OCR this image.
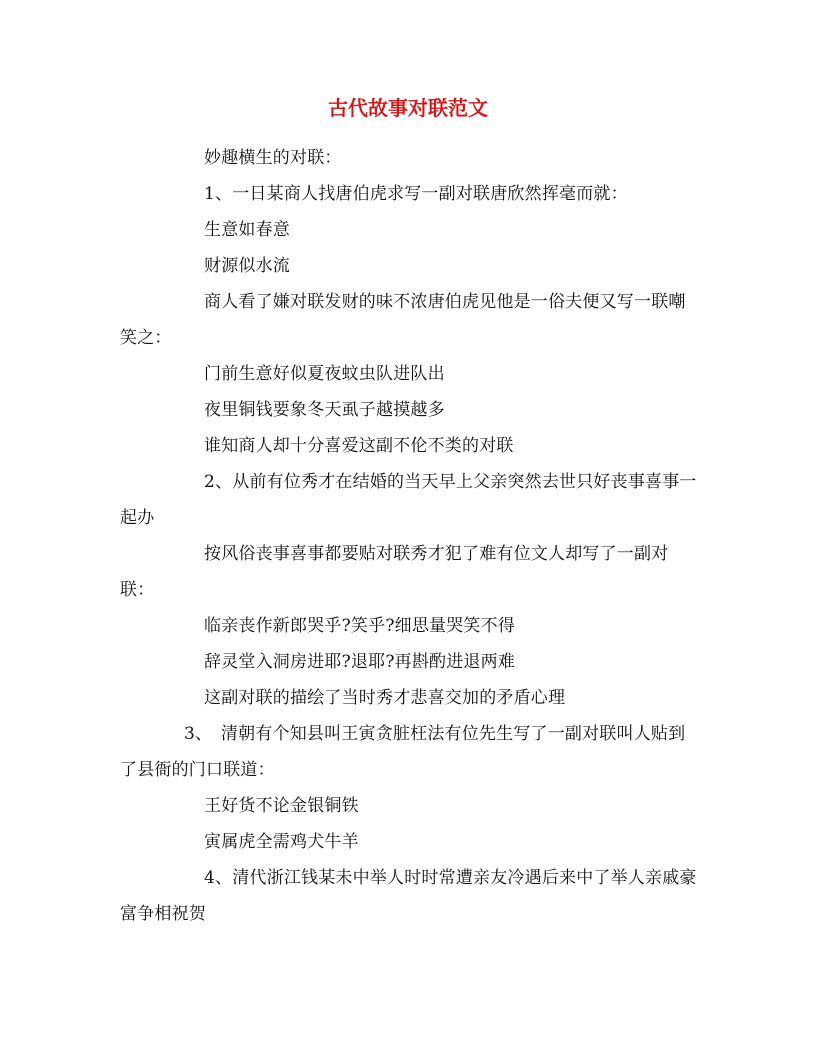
古代故事对联范文

妙趣横生的对联：

1、一日某商人找唐伯虎求写一副对联唐欣然挥毫而就：

生意如春意

财源似水流

商人看了嫌对联发财的味不浓唐伯虎见他是一俗夫便又写一联嘲笑之：

门前生意好似夏夜蚊虫队进队出

夜里铜钱要象冬天虱子越摸越多

谁知商人却十分喜爱这副不伦不类的对联

2、从前有位秀才在结婚的当天早上父亲突然去世只好丧事喜事一起办

按风俗丧事喜事都要贴对联秀才犯了难有位文人却写了一副对联：

临亲丧作新郎哭乎?笑乎?细思量哭笑不得

辞灵堂入洞房进耶?退耶?再斟酌进退两难

这副对联的描绘了当时秀才悲喜交加的矛盾心理

3、　清朝有个知县叫王寅贪脏枉法有位先生写了一副对联叫人贴到了县衙的门口联道：

王好货不论金银铜铁

寅属虎全需鸡犬牛羊

4、清代浙江钱某未中举人时时常遭亲友冷遇后来中了举人亲戚豪富争相祝贺
